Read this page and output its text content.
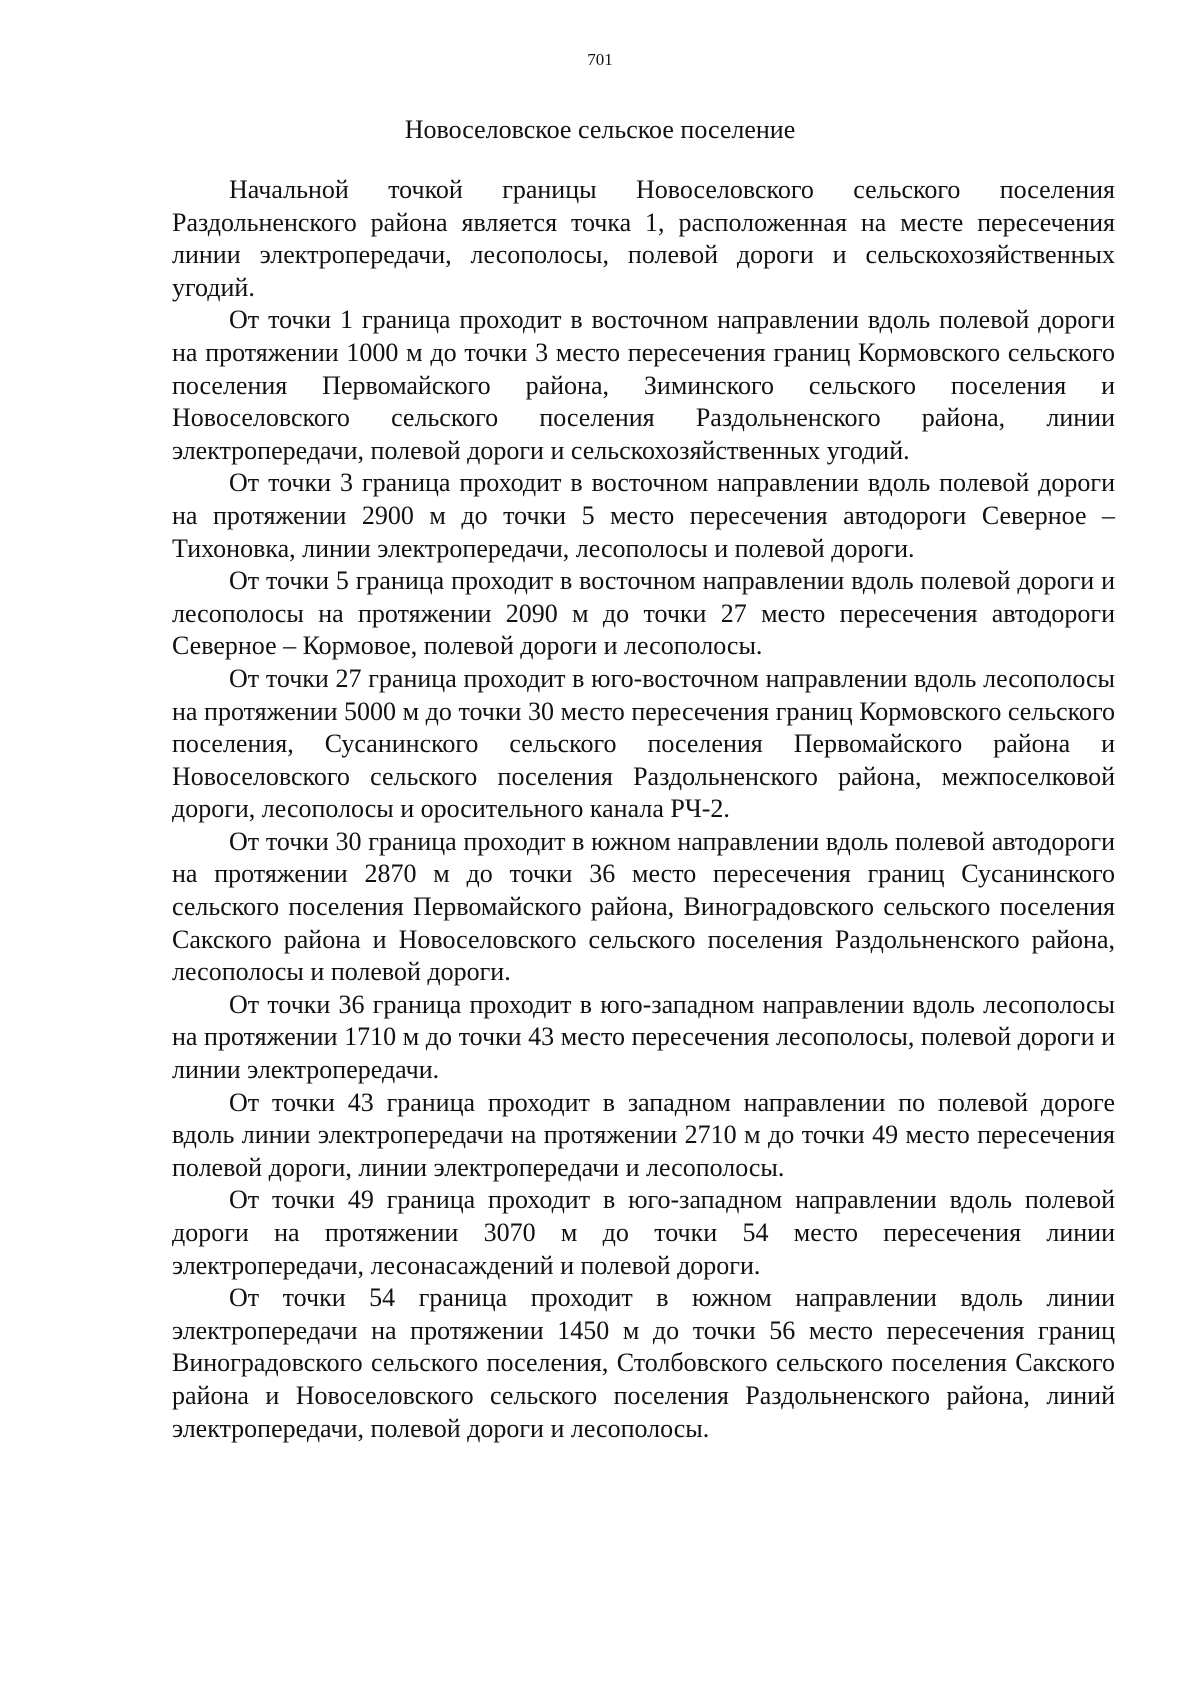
701
Новоселовское сельское поселение

Начальной точкой границы Новоселовского сельского поселения Раздольненского района является точка 1, расположенная на месте пересечения линии электропередачи, лесополосы, полевой дороги и сельскохозяйственных угодий.

От точки 1 граница проходит в восточном направлении вдоль полевой дороги на протяжении 1000 м до точки 3 место пересечения границ Кормовского сельского поселения Первомайского района, Зиминского сельского поселения и Новоселовского сельского поселения Раздольненского района, линии электропередачи, полевой дороги и сельскохозяйственных угодий.

От точки 3 граница проходит в восточном направлении вдоль полевой дороги на протяжении 2900 м до точки 5 место пересечения автодороги Северное – Тихоновка, линии электропередачи, лесополосы и полевой дороги.

От точки 5 граница проходит в восточном направлении вдоль полевой дороги и лесополосы на протяжении 2090 м до точки 27 место пересечения автодороги Северное – Кормовое, полевой дороги и лесополосы.

От точки 27 граница проходит в юго-восточном направлении вдоль лесополосы на протяжении 5000 м до точки 30 место пересечения границ Кормовского сельского поселения, Сусанинского сельского поселения Первомайского района и Новоселовского сельского поселения Раздольненского района, межпоселковой дороги, лесополосы и оросительного канала РЧ-2.

От точки 30 граница проходит в южном направлении вдоль полевой автодороги на протяжении 2870 м до точки 36 место пересечения границ Сусанинского сельского поселения Первомайского района, Виноградовского сельского поселения Сакского района и Новоселовского сельского поселения Раздольненского района, лесополосы и полевой дороги.

От точки 36 граница проходит в юго-западном направлении вдоль лесополосы на протяжении 1710 м до точки 43 место пересечения лесополосы, полевой дороги и линии электропередачи.

От точки 43 граница проходит в западном направлении по полевой дороге вдоль линии электропередачи на протяжении 2710 м до точки 49 место пересечения полевой дороги, линии электропередачи и лесополосы.

От точки 49 граница проходит в юго-западном направлении вдоль полевой дороги на протяжении 3070 м до точки 54 место пересечения линии электропередачи, лесонасаждений и полевой дороги.

От точки 54 граница проходит в южном направлении вдоль линии электропередачи на протяжении 1450 м до точки 56 место пересечения границ Виноградовского сельского поселения, Столбовского сельского поселения Сакского района и Новоселовского сельского поселения Раздольненского района, линий электропередачи, полевой дороги и лесополосы.
